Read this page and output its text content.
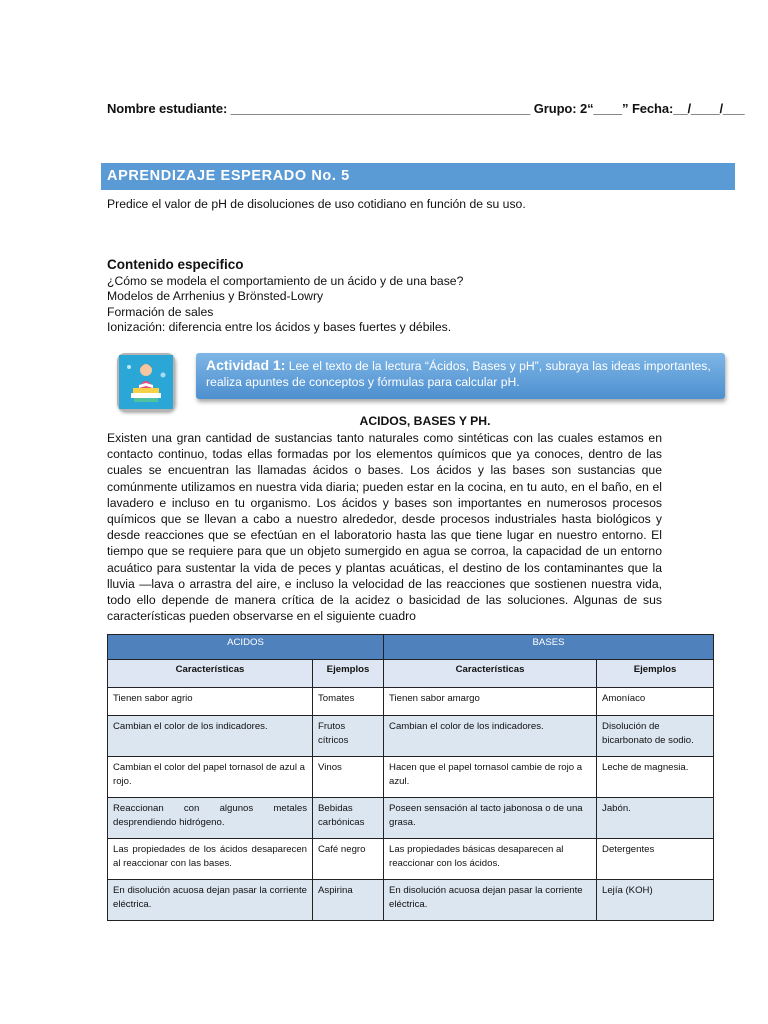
Nombre estudiante: __________________________________________ Grupo: 2“____” Fecha:__/____/___
APRENDIZAJE ESPERADO No. 5
Predice el valor de pH de disoluciones de uso cotidiano en función de su uso.
Contenido especifico
¿Cómo se modela el comportamiento de un ácido y de una base?
Modelos de Arrhenius y Brönsted-Lowry
Formación de sales
Ionización: diferencia entre los ácidos y bases fuertes y débiles.
Actividad 1: Lee el texto de la lectura “Ácidos, Bases y pH”, subraya las ideas importantes, realiza apuntes de conceptos y fórmulas para calcular pH.
ACIDOS, BASES Y PH.
Existen una gran cantidad de sustancias tanto naturales como sintéticas con las cuales estamos en contacto continuo, todas ellas formadas por los elementos químicos que ya conoces, dentro de las cuales se encuentran las llamadas ácidos o bases. Los ácidos y las bases son sustancias que comúnmente utilizamos en nuestra vida diaria; pueden estar en la cocina, en tu auto, en el baño, en el lavadero e incluso en tu organismo. Los ácidos y bases son importantes en numerosos procesos químicos que se llevan a cabo a nuestro alrededor, desde procesos industriales hasta biológicos y desde reacciones que se efectúan en el laboratorio hasta las que tiene lugar en nuestro entorno. El tiempo que se requiere para que un objeto sumergido en agua se corroa, la capacidad de un entorno acuático para sustentar la vida de peces y plantas acuáticas, el destino de los contaminantes que la lluvia —lava o arrastra del aire, e incluso la velocidad de las reacciones que sostienen nuestra vida, todo ello depende de manera crítica de la acidez o basicidad de las soluciones. Algunas de sus características pueden observarse en el siguiente cuadro
ACIDOS		BASES	
Características	Ejemplos	Características	Ejemplos
Tienen sabor agrio	Tomates	Tienen sabor amargo	Amoníaco
Cambian el color de los indicadores.	Frutos cítricos	Cambian el color de los indicadores.	Disolución de bicarbonato de sodio.
Cambian el color del papel tornasol de azul a rojo.	Vinos	Hacen que el papel tornasol cambie de rojo a azul.	Leche de magnesia.
Reaccionan con algunos metales desprendiendo hidrógeno.	Bebidas carbónicas	Poseen sensación al tacto jabonosa o de una grasa.	Jabón.
Las propiedades de los ácidos desaparecen al reaccionar con las bases.	Café negro	Las propiedades básicas desaparecen al reaccionar con los ácidos.	Detergentes
En disolución acuosa dejan pasar la corriente eléctrica.	Aspirina	En disolución acuosa dejan pasar la corriente eléctrica.	Lejía (KOH)
